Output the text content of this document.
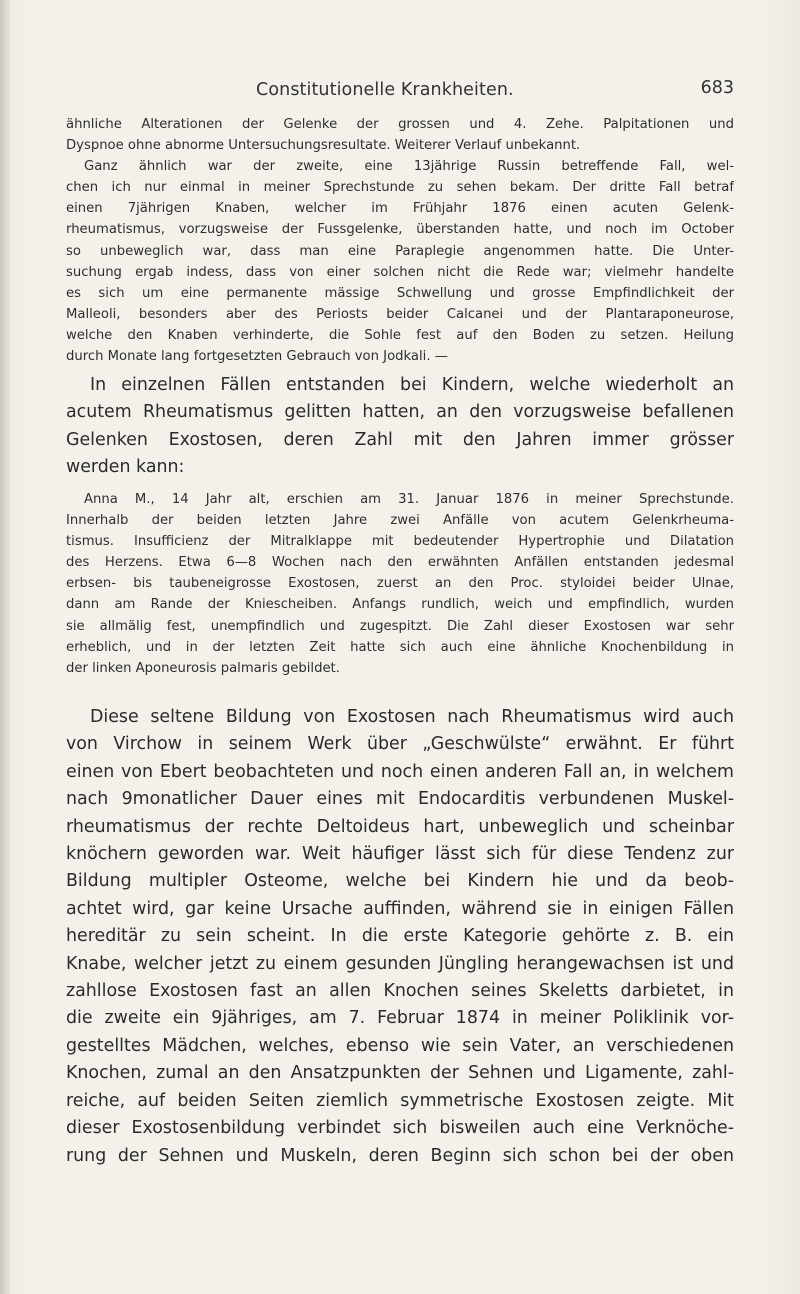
Constitutionelle Krankheiten.	683
ähnliche Alterationen der Gelenke der grossen und 4. Zehe. Palpitationen und
Dyspnoe ohne abnorme Untersuchungsresultate. Weiterer Verlauf unbekannt.
Ganz ähnlich war der zweite, eine 13jährige Russin betreffende Fall, wel-
chen ich nur einmal in meiner Sprechstunde zu sehen bekam. Der dritte Fall betraf
einen 7jährigen Knaben, welcher im Frühjahr 1876 einen acuten Gelenk-
rheumatismus, vorzugsweise der Fussgelenke, überstanden hatte, und noch im October
so unbeweglich war, dass man eine Paraplegie angenommen hatte. Die Unter-
suchung ergab indess, dass von einer solchen nicht die Rede war; vielmehr handelte
es sich um eine permanente mässige Schwellung und grosse Empfindlichkeit der
Malleoli, besonders aber des Periosts beider Calcanei und der Plantaraponeurose,
welche den Knaben verhinderte, die Sohle fest auf den Boden zu setzen. Heilung
durch Monate lang fortgesetzten Gebrauch von Jodkali. —
In einzelnen Fällen entstanden bei Kindern, welche wiederholt an
acutem Rheumatismus gelitten hatten, an den vorzugsweise befallenen
Gelenken Exostosen, deren Zahl mit den Jahren immer grösser
werden kann:
Anna M., 14 Jahr alt, erschien am 31. Januar 1876 in meiner Sprechstunde.
Innerhalb der beiden letzten Jahre zwei Anfälle von acutem Gelenkrheuma-
tismus. Insufficienz der Mitralklappe mit bedeutender Hypertrophie und Dilatation
des Herzens. Etwa 6—8 Wochen nach den erwähnten Anfällen entstanden jedesmal
erbsen- bis taubeneigrosse Exostosen, zuerst an den Proc. styloidei beider Ulnae,
dann am Rande der Kniescheiben. Anfangs rundlich, weich und empfindlich, wurden
sie allmälig fest, unempfindlich und zugespitzt. Die Zahl dieser Exostosen war sehr
erheblich, und in der letzten Zeit hatte sich auch eine ähnliche Knochenbildung in
der linken Aponeurosis palmaris gebildet.
Diese seltene Bildung von Exostosen nach Rheumatismus wird auch
von Virchow in seinem Werk über „Geschwülste“ erwähnt. Er führt
einen von Ebert beobachteten und noch einen anderen Fall an, in welchem
nach 9monatlicher Dauer eines mit Endocarditis verbundenen Muskel-
rheumatismus der rechte Deltoideus hart, unbeweglich und scheinbar
knöchern geworden war. Weit häufiger lässt sich für diese Tendenz zur
Bildung multipler Osteome, welche bei Kindern hie und da beob-
achtet wird, gar keine Ursache auffinden, während sie in einigen Fällen
hereditär zu sein scheint. In die erste Kategorie gehörte z. B. ein
Knabe, welcher jetzt zu einem gesunden Jüngling herangewachsen ist und
zahllose Exostosen fast an allen Knochen seines Skeletts darbietet, in
die zweite ein 9jähriges, am 7. Februar 1874 in meiner Poliklinik vor-
gestelltes Mädchen, welches, ebenso wie sein Vater, an verschiedenen
Knochen, zumal an den Ansatzpunkten der Sehnen und Ligamente, zahl-
reiche, auf beiden Seiten ziemlich symmetrische Exostosen zeigte. Mit
dieser Exostosenbildung verbindet sich bisweilen auch eine Verknöche-
rung der Sehnen und Muskeln, deren Beginn sich schon bei der oben
